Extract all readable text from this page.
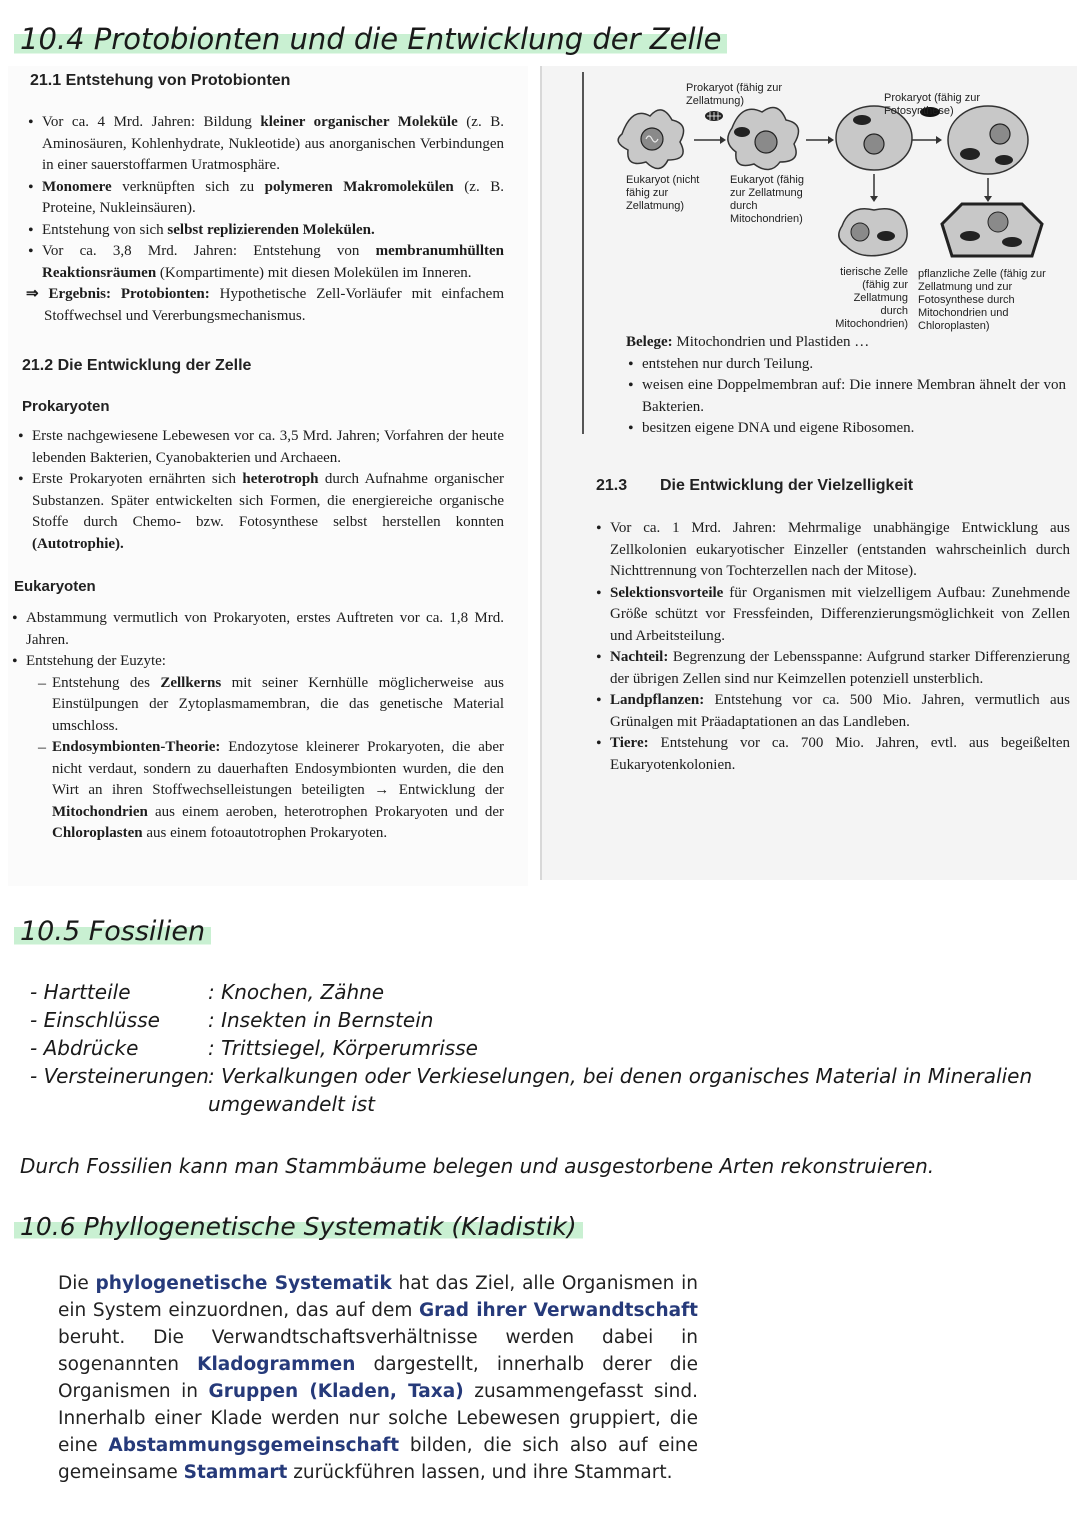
10.4 Protobionten und die Entwicklung der Zelle
21.1 Entstehung von Protobionten
• Vor ca. 4 Mrd. Jahren: Bildung kleiner organischer Moleküle (z. B. Aminosäuren, Kohlenhydrate, Nukleotide) aus anorganischen Verbindungen in einer sauerstoffarmen Uratmosphäre.
• Monomere verknüpften sich zu polymeren Makromolekülen (z. B. Proteine, Nukleinsäuren).
• Entstehung von sich selbst replizierenden Molekülen.
• Vor ca. 3,8 Mrd. Jahren: Entstehung von membranumhüllten Reaktionsräumen (Kompartimente) mit diesen Molekülen im Inneren.

⇒ Ergebnis: Protobionten: Hypothetische Zell-Vorläufer mit einfachem Stoffwechsel und Vererbungsmechanismus.

21.2 Die Entwicklung der Zelle
Prokaryoten
• Erste nachgewiesene Lebewesen vor ca. 3,5 Mrd. Jahren; Vorfahren der heute lebenden Bakterien, Cyanobakterien und Archaeen.
• Erste Prokaryoten ernährten sich heterotroph durch Aufnahme organischer Substanzen. Später entwickelten sich Formen, die energiereiche organische Stoffe durch Chemo- bzw. Fotosynthese selbst herstellen konnten (Autotrophie).
Eukaryoten
• Abstammung vermutlich von Prokaryoten, erstes Auftreten vor ca. 1,8 Mrd. Jahren.
• Entstehung der Euzyte:
– Entstehung des Zellkerns mit seiner Kernhülle möglicherweise aus Einstülpungen der Zytoplasmamembran, die das genetische Material umschloss.
– Endosymbionten-Theorie: Endozytose kleinerer Prokaryoten, die aber nicht verdaut, sondern zu dauerhaften Endosymbionten wurden, die den Wirt an ihren Stoffwechselleistungen beteiligten → Entwicklung der Mitochondrien aus einem aeroben, heterotrophen Prokaryoten und der Chloroplasten aus einem fotoautotrophen Prokaryoten.
Prokaryot (fähig zur Zellatmung)	Prokaryot (fähig zur Fotosynthese)
Eukaryot (nicht fähig zur Zellatmung)
Eukaryot (fähig zur Zellatmung durch Mitochondrien)
tierische Zelle (fähig zur Zellatmung durch Mitochondrien)
pflanzliche Zelle (fähig zur Zellatmung und zur Fotosynthese durch Mitochondrien und Chloroplasten)

Belege: Mitochondrien und Plastiden …

• entstehen nur durch Teilung.
• weisen eine Doppelmembran auf: Die innere Membran ähnelt der von Bakterien.
• besitzen eigene DNA und eigene Ribosomen.
21.3 Die Entwicklung der Vielzelligkeit
• Vor ca. 1 Mrd. Jahren: Mehrmalige unabhängige Entwicklung aus Zellkolonien eukaryotischer Einzeller (entstanden wahrscheinlich durch Nichttrennung von Tochterzellen nach der Mitose).
• Selektionsvorteile für Organismen mit vielzelligem Aufbau: Zunehmende Größe schützt vor Fressfeinden, Differenzierungsmöglichkeit von Zellen und Arbeitsteilung.
• Nachteil: Begrenzung der Lebensspanne: Aufgrund starker Differenzierung der übrigen Zellen sind nur Keimzellen potenziell unsterblich.
• Landpflanzen: Entstehung vor ca. 500 Mio. Jahren, vermutlich aus Grünalgen mit Präadaptationen an das Landleben.
• Tiere: Entstehung vor ca. 700 Mio. Jahren, evtl. aus begeißelten Eukaryotenkolonien.
10.5 Fossilien
- Hartteile	: Knochen, Zähne
- Einschlüsse	: Insekten in Bernstein
- Abdrücke	: Trittsiegel, Körperumrisse
- Versteinerungen : Verkalkungen oder Verkieselungen, bei denen organisches Material in Mineralien umgewandelt ist
Durch Fossilien kann man Stammbäume belegen und ausgestorbene Arten rekonstruieren.
10.6 Phyllogenetische Systematik (Kladistik)
Die phylogenetische Systematik hat das Ziel, alle Organismen in ein System einzuordnen, das auf dem Grad ihrer Verwandtschaft beruht. Die Verwandtschaftsverhältnisse werden dabei in sogenannten Kladogrammen dargestellt, innerhalb derer die Organismen in Gruppen (Kladen, Taxa) zusammengefasst sind. Innerhalb einer Klade werden nur solche Lebewesen gruppiert, die eine Abstammungsgemeinschaft bilden, die sich also auf eine gemeinsame Stammart zurückführen lassen, und ihre Stammart.
